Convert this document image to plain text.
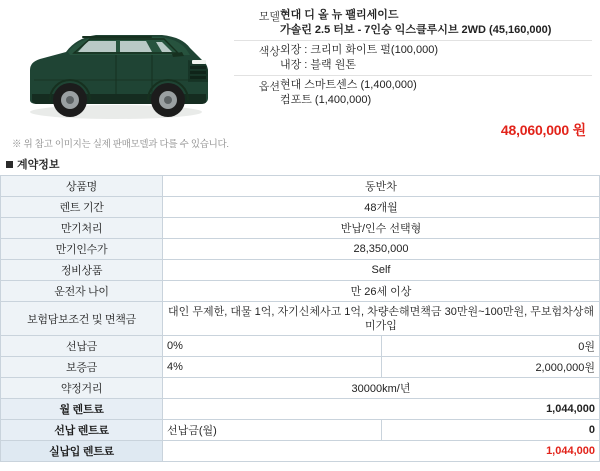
※ 위 참고 이미지는 실제 판매모델과 다를 수 있습니다.
모델	현대 디 올 뉴 팰리세이드
가솔린 2.5 터보 - 7인승 익스클루시브 2WD (45,160,000)

색상	외장 : 크리미 화이트 펄(100,000)
내장 : 블랙 원톤

옵션	현대 스마트센스 (1,400,000)
컴포트 (1,400,000)
48,060,000 원
계약정보
상품명	동반차	
렌트 기간	48개월	
만기처리	반납/인수 선택형	
만기인수가	28,350,000	
정비상품	Self	
운전자 나이	만 26세 이상	
보험담보조건 및 면책금	대인 무제한, 대물 1억, 자기신체사고 1억, 차량손해면책금 30만원~100만원, 무보험차상해 미가입	
선납금	0%	0원
보증금	4%	2,000,000원
약정거리	30000km/년	
월 렌트료	1,044,000	
선납 렌트료	선납금(월)	0
실납입 렌트료	1,044,000	
